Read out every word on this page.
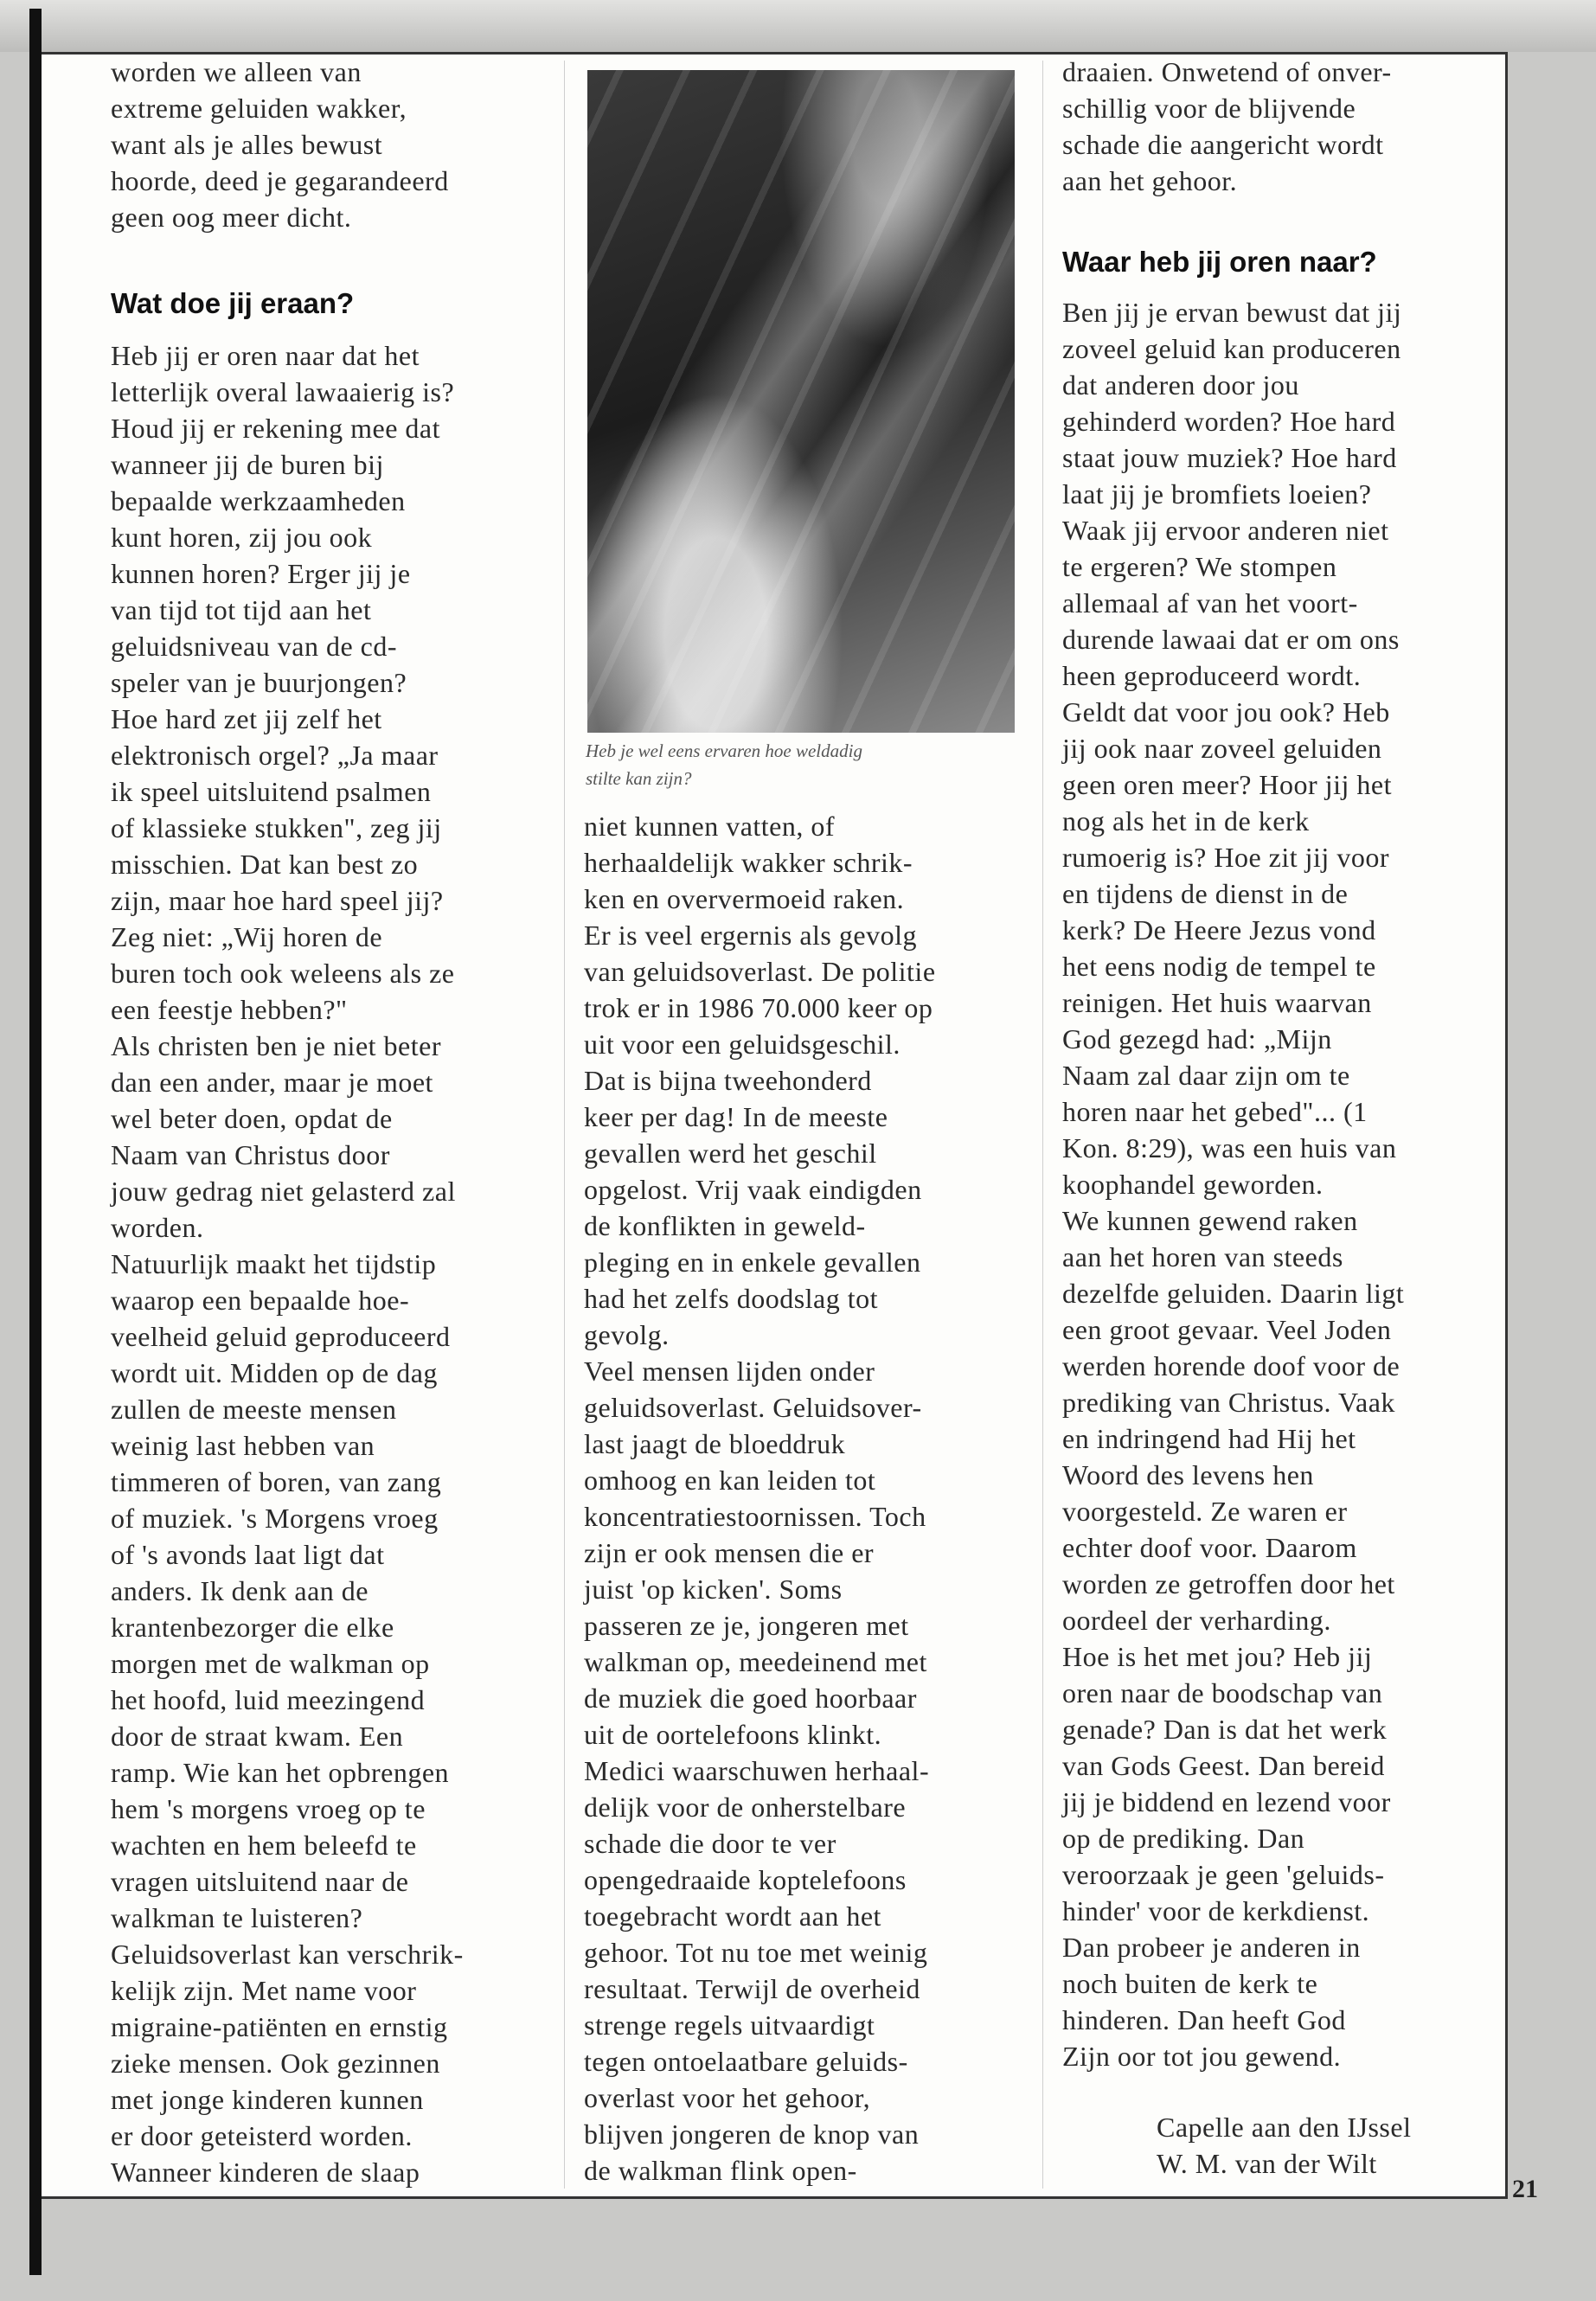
worden we alleen van
extreme geluiden wakker,
want als je alles bewust
hoorde, deed je gegarandeerd
geen oog meer dicht.
Wat doe jij eraan?
Heb jij er oren naar dat het
letterlijk overal lawaaierig is?
Houd jij er rekening mee dat
wanneer jij de buren bij
bepaalde werkzaamheden
kunt horen, zij jou ook
kunnen horen? Erger jij je
van tijd tot tijd aan het
geluidsniveau van de cd-
speler van je buurjongen?
Hoe hard zet jij zelf het
elektronisch orgel? „Ja maar
ik speel uitsluitend psalmen
of klassieke stukken", zeg jij
misschien. Dat kan best zo
zijn, maar hoe hard speel jij?
Zeg niet: „Wij horen de
buren toch ook weleens als ze
een feestje hebben?"
Als christen ben je niet beter
dan een ander, maar je moet
wel beter doen, opdat de
Naam van Christus door
jouw gedrag niet gelasterd zal
worden.
Natuurlijk maakt het tijdstip
waarop een bepaalde hoe-
veelheid geluid geproduceerd
wordt uit. Midden op de dag
zullen de meeste mensen
weinig last hebben van
timmeren of boren, van zang
of muziek. 's Morgens vroeg
of 's avonds laat ligt dat
anders. Ik denk aan de
krantenbezorger die elke
morgen met de walkman op
het hoofd, luid meezingend
door de straat kwam. Een
ramp. Wie kan het opbrengen
hem 's morgens vroeg op te
wachten en hem beleefd te
vragen uitsluitend naar de
walkman te luisteren?
Geluidsoverlast kan verschrik-
kelijk zijn. Met name voor
migraine-patiënten en ernstig
zieke mensen. Ook gezinnen
met jonge kinderen kunnen
er door geteisterd worden.
Wanneer kinderen de slaap
niet kunnen vatten, of
herhaaldelijk wakker schrik-
ken en oververmoeid raken.
Er is veel ergernis als gevolg
van geluidsoverlast. De politie
trok er in 1986 70.000 keer op
uit voor een geluidsgeschil.
Dat is bijna tweehonderd
keer per dag! In de meeste
gevallen werd het geschil
opgelost. Vrij vaak eindigden
de konflikten in geweld-
pleging en in enkele gevallen
had het zelfs doodslag tot
gevolg.
Veel mensen lijden onder
geluidsoverlast. Geluidsover-
last jaagt de bloeddruk
omhoog en kan leiden tot
koncentratiestoornissen. Toch
zijn er ook mensen die er
juist 'op kicken'. Soms
passeren ze je, jongeren met
walkman op, meedeinend met
de muziek die goed hoorbaar
uit de oortelefoons klinkt.
Medici waarschuwen herhaal-
delijk voor de onherstelbare
schade die door te ver
opengedraaide koptelefoons
toegebracht wordt aan het
gehoor. Tot nu toe met weinig
resultaat. Terwijl de overheid
strenge regels uitvaardigt
tegen ontoelaatbare geluids-
overlast voor het gehoor,
blijven jongeren de knop van
de walkman flink open-
draaien. Onwetend of onver-
schillig voor de blijvende
schade die aangericht wordt
aan het gehoor.
Waar heb jij oren naar?
Ben jij je ervan bewust dat jij
zoveel geluid kan produceren
dat anderen door jou
gehinderd worden? Hoe hard
staat jouw muziek? Hoe hard
laat jij je bromfiets loeien?
Waak jij ervoor anderen niet
te ergeren? We stompen
allemaal af van het voort-
durende lawaai dat er om ons
heen geproduceerd wordt.
Geldt dat voor jou ook? Heb
jij ook naar zoveel geluiden
geen oren meer? Hoor jij het
nog als het in de kerk
rumoerig is? Hoe zit jij voor
en tijdens de dienst in de
kerk? De Heere Jezus vond
het eens nodig de tempel te
reinigen. Het huis waarvan
God gezegd had: „Mijn
Naam zal daar zijn om te
horen naar het gebed"... (1
Kon. 8:29), was een huis van
koophandel geworden.
We kunnen gewend raken
aan het horen van steeds
dezelfde geluiden. Daarin ligt
een groot gevaar. Veel Joden
werden horende doof voor de
prediking van Christus. Vaak
en indringend had Hij het
Woord des levens hen
voorgesteld. Ze waren er
echter doof voor. Daarom
worden ze getroffen door het
oordeel der verharding.
Hoe is het met jou? Heb jij
oren naar de boodschap van
genade? Dan is dat het werk
van Gods Geest. Dan bereid
jij je biddend en lezend voor
op de prediking. Dan
veroorzaak je geen 'geluids-
hinder' voor de kerkdienst.
Dan probeer je anderen in
noch buiten de kerk te
hinderen. Dan heeft God
Zijn oor tot jou gewend.
Heb je wel eens ervaren hoe weldadig
stilte kan zijn?
Capelle aan den IJssel
W. M. van der Wilt
21
